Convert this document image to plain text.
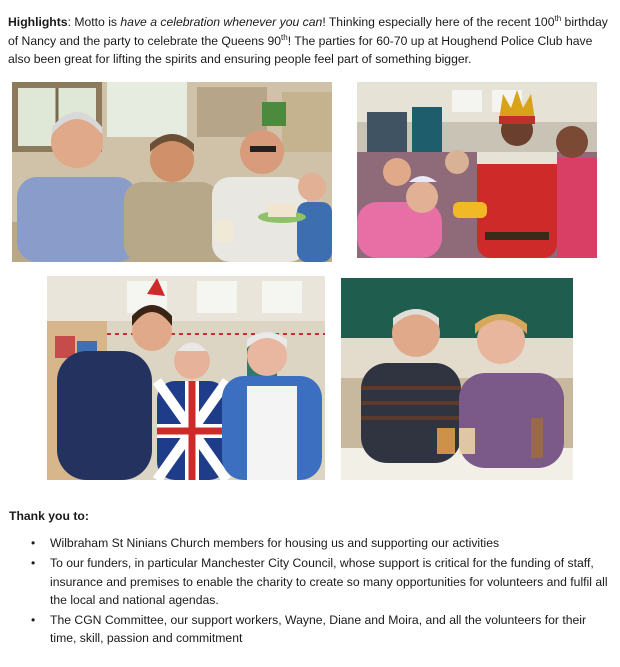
Highlights: Motto is have a celebration whenever you can! Thinking especially here of the recent 100th birthday of Nancy and the party to celebrate the Queens 90th! The parties for 60-70 up at Houghend Police Club have also been great for lifting the spirits and ensuring people feel part of something bigger.
Thank you to:
• Wilbraham St Ninians Church members for housing us and supporting our activities
• To our funders, in particular Manchester City Council, whose support is critical for the funding of staff, insurance and premises to enable the charity to create so many opportunities for volunteers and fulfil all the local and national agendas.
• The CGN Committee, our support workers, Wayne, Diane and Moira, and all the volunteers for their time, skill, passion and commitment
